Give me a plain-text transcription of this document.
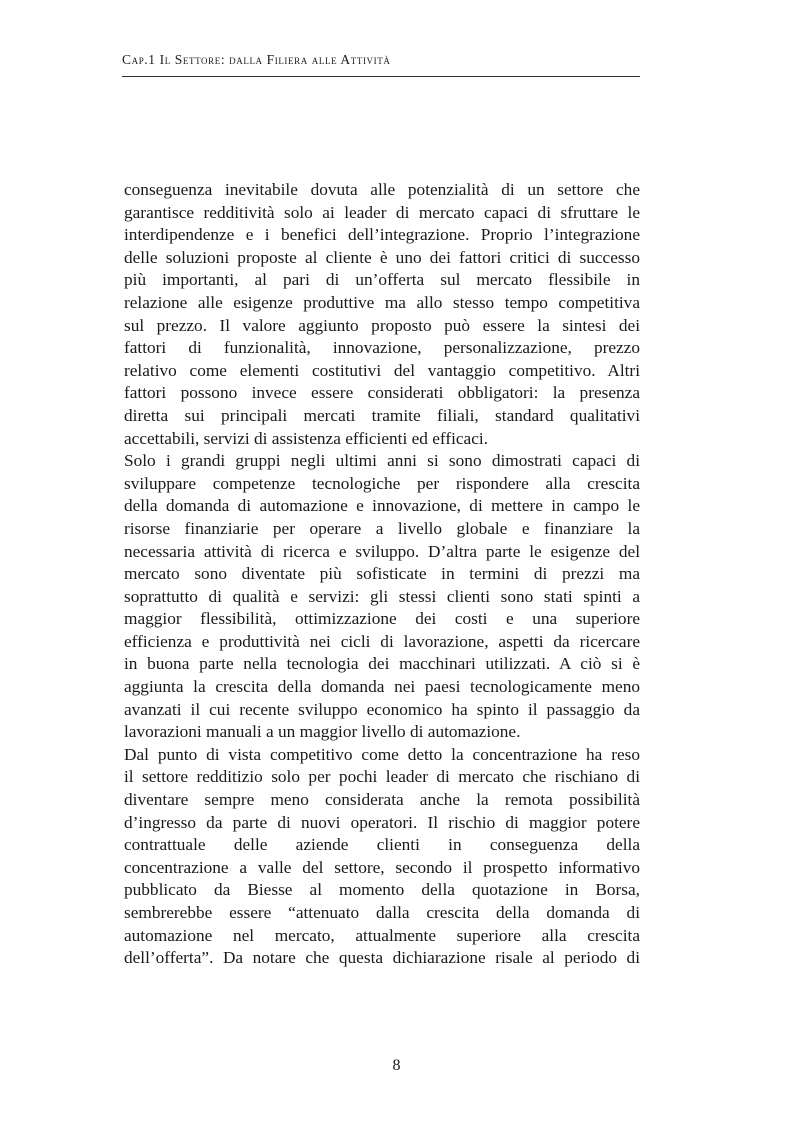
Cap.1 Il Settore: dalla Filiera alle Attività
conseguenza inevitabile dovuta alle potenzialità di un settore che
garantisce redditività solo ai leader di mercato capaci di sfruttare le
interdipendenze e i benefici dell’integrazione. Proprio l’integrazione
delle soluzioni proposte al cliente è uno dei fattori critici di successo
più importanti, al pari di un’offerta sul mercato flessibile in
relazione alle esigenze produttive ma allo stesso tempo competitiva
sul prezzo. Il valore aggiunto proposto può essere la sintesi dei
fattori di funzionalità, innovazione, personalizzazione, prezzo
relativo come elementi costitutivi del vantaggio competitivo. Altri
fattori possono invece essere considerati obbligatori: la presenza
diretta sui principali mercati tramite filiali, standard qualitativi
accettabili, servizi di assistenza efficienti ed efficaci.
Solo i grandi gruppi negli ultimi anni si sono dimostrati capaci di
sviluppare competenze tecnologiche per rispondere alla crescita
della domanda di automazione e innovazione, di mettere in campo le
risorse finanziarie per operare a livello globale e finanziare la
necessaria attività di ricerca e sviluppo. D’altra parte le esigenze del
mercato sono diventate più sofisticate in termini di prezzi ma
soprattutto di qualità e servizi: gli stessi clienti sono stati spinti a
maggior flessibilità, ottimizzazione dei costi e una superiore
efficienza e produttività nei cicli di lavorazione, aspetti da ricercare
in buona parte nella tecnologia dei macchinari utilizzati. A ciò si è
aggiunta la crescita della domanda nei paesi tecnologicamente meno
avanzati il cui recente sviluppo economico ha spinto il passaggio da
lavorazioni manuali a un maggior livello di automazione.
Dal punto di vista competitivo come detto la concentrazione ha reso
il settore redditizio solo per pochi leader di mercato che rischiano di
diventare sempre meno considerata anche la remota possibilità
d’ingresso da parte di nuovi operatori. Il rischio di maggior potere
contrattuale delle aziende clienti in conseguenza della
concentrazione a valle del settore, secondo il prospetto informativo
pubblicato da Biesse al momento della quotazione in Borsa,
sembrerebbe essere “attenuato dalla crescita della domanda di
automazione nel mercato, attualmente superiore alla crescita
dell’offerta”. Da notare che questa dichiarazione risale al periodo di
8
